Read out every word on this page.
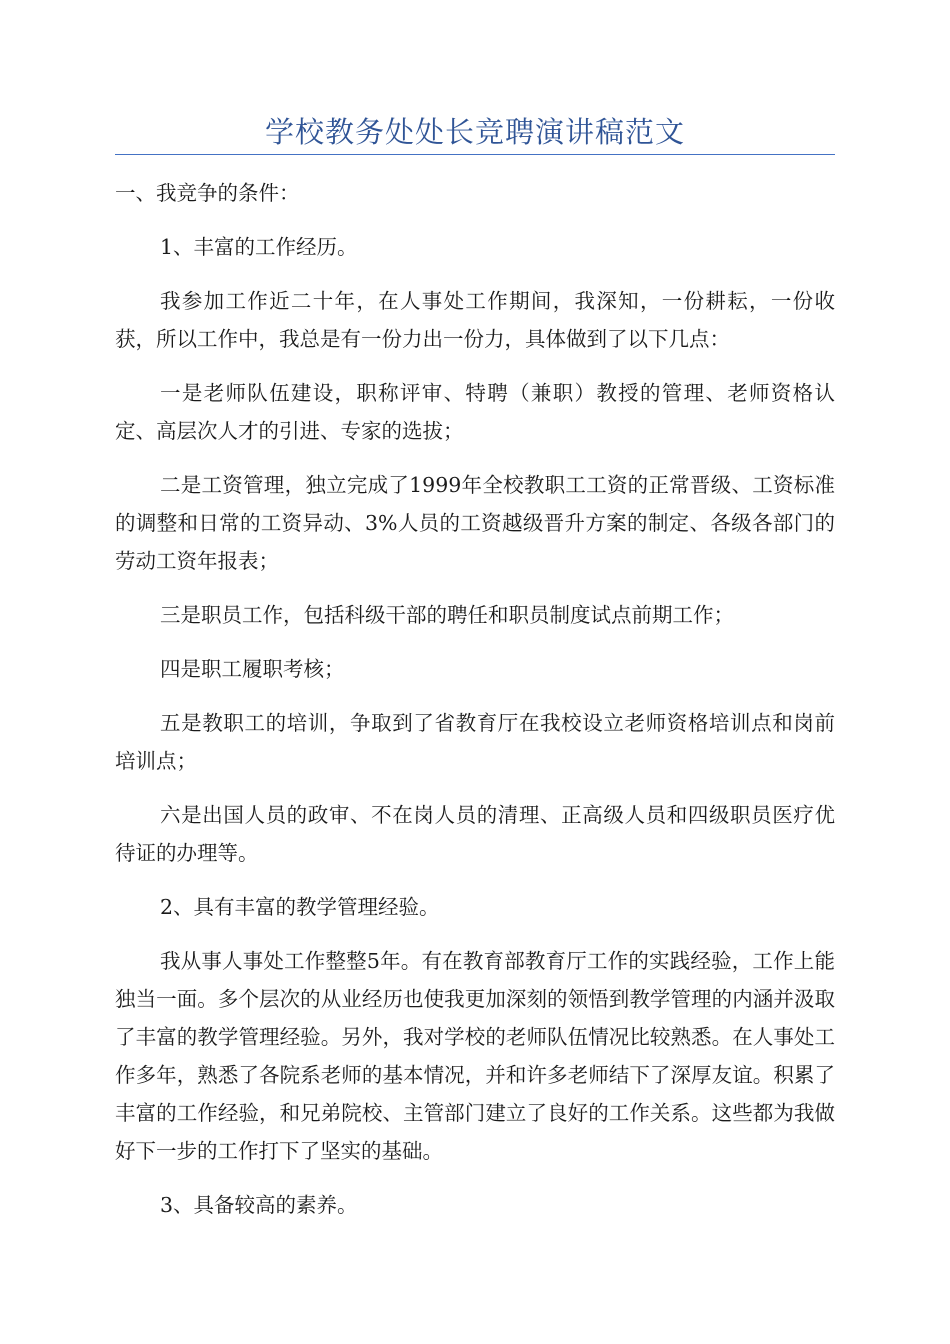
学校教务处处长竞聘演讲稿范文

一、我竞争的条件：

1、丰富的工作经历。

我参加工作近二十年，在人事处工作期间，我深知，一份耕耘，一份收获，所以工作中，我总是有一份力出一份力，具体做到了以下几点：

一是老师队伍建设，职称评审、特聘（兼职）教授的管理、老师资格认定、高层次人才的引进、专家的选拔；

二是工资管理，独立完成了1999年全校教职工工资的正常晋级、工资标准的调整和日常的工资异动、3%人员的工资越级晋升方案的制定、各级各部门的劳动工资年报表；

三是职员工作，包括科级干部的聘任和职员制度试点前期工作；

四是职工履职考核；

五是教职工的培训，争取到了省教育厅在我校设立老师资格培训点和岗前培训点；

六是出国人员的政审、不在岗人员的清理、正高级人员和四级职员医疗优待证的办理等。

2、具有丰富的教学管理经验。

我从事人事处工作整整5年。有在教育部教育厅工作的实践经验，工作上能独当一面。多个层次的从业经历也使我更加深刻的领悟到教学管理的内涵并汲取了丰富的教学管理经验。另外，我对学校的老师队伍情况比较熟悉。在人事处工作多年，熟悉了各院系老师的基本情况，并和许多老师结下了深厚友谊。积累了丰富的工作经验，和兄弟院校、主管部门建立了良好的工作关系。这些都为我做好下一步的工作打下了坚实的基础。

3、具备较高的素养。
